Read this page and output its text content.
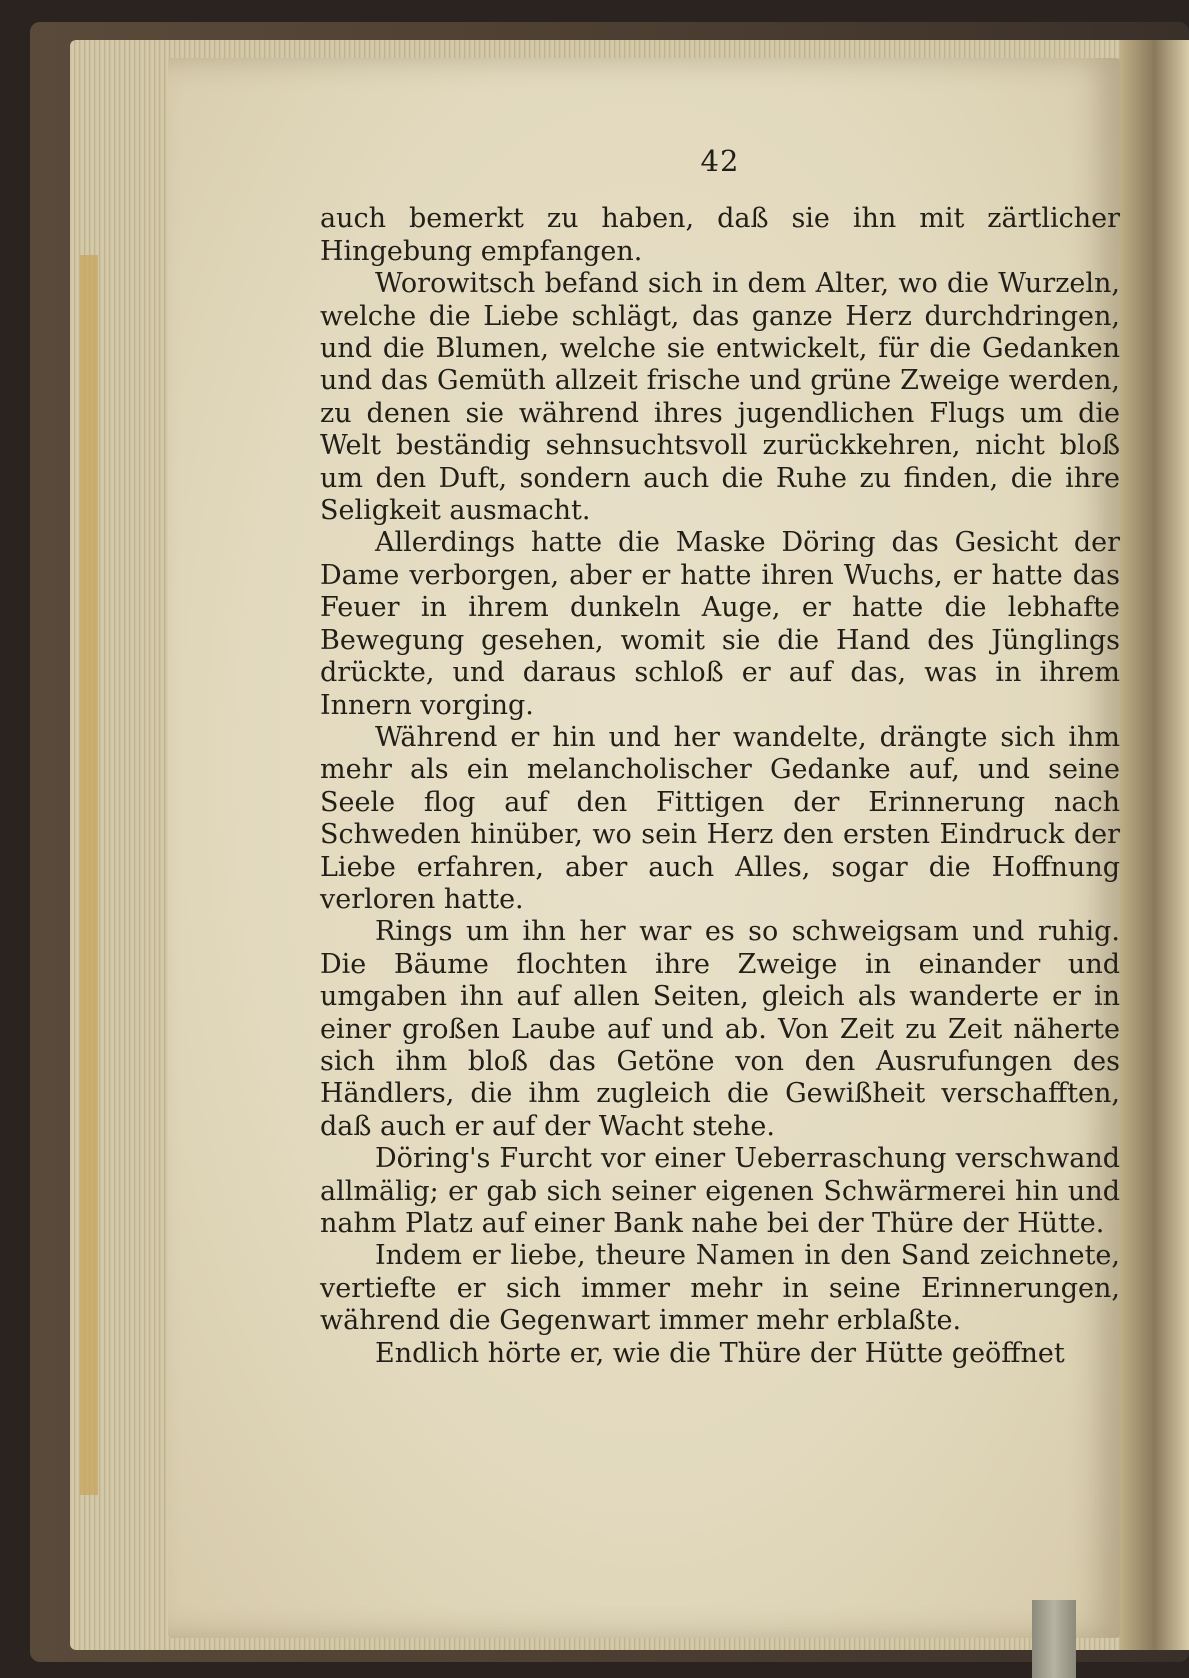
42

auch bemerkt zu haben, daß sie ihn mit zärtlicher Hingebung empfangen.

Worowitsch befand sich in dem Alter, wo die Wurzeln, welche die Liebe schlägt, das ganze Herz durchdringen, und die Blumen, welche sie entwickelt, für die Gedanken und das Gemüth allzeit frische und grüne Zweige werden, zu denen sie während ihres jugendlichen Flugs um die Welt beständig sehnsuchtsvoll zurückkehren, nicht bloß um den Duft, sondern auch die Ruhe zu finden, die ihre Seligkeit ausmacht.

Allerdings hatte die Maske Döring das Gesicht der Dame verborgen, aber er hatte ihren Wuchs, er hatte das Feuer in ihrem dunkeln Auge, er hatte die lebhafte Bewegung gesehen, womit sie die Hand des Jünglings drückte, und daraus schloß er auf das, was in ihrem Innern vorging.

Während er hin und her wandelte, drängte sich ihm mehr als ein melancholischer Gedanke auf, und seine Seele flog auf den Fittigen der Erinnerung nach Schweden hinüber, wo sein Herz den ersten Eindruck der Liebe erfahren, aber auch Alles, sogar die Hoffnung verloren hatte.

Rings um ihn her war es so schweigsam und ruhig. Die Bäume flochten ihre Zweige in einander und umgaben ihn auf allen Seiten, gleich als wanderte er in einer großen Laube auf und ab. Von Zeit zu Zeit näherte sich ihm bloß das Getöne von den Ausrufungen des Händlers, die ihm zugleich die Gewißheit verschafften, daß auch er auf der Wacht stehe.

Döring's Furcht vor einer Ueberraschung verschwand allmälig; er gab sich seiner eigenen Schwärmerei hin und nahm Platz auf einer Bank nahe bei der Thüre der Hütte.

Indem er liebe, theure Namen in den Sand zeichnete, vertiefte er sich immer mehr in seine Erinnerungen, während die Gegenwart immer mehr erblaßte.

Endlich hörte er, wie die Thüre der Hütte geöffnet
